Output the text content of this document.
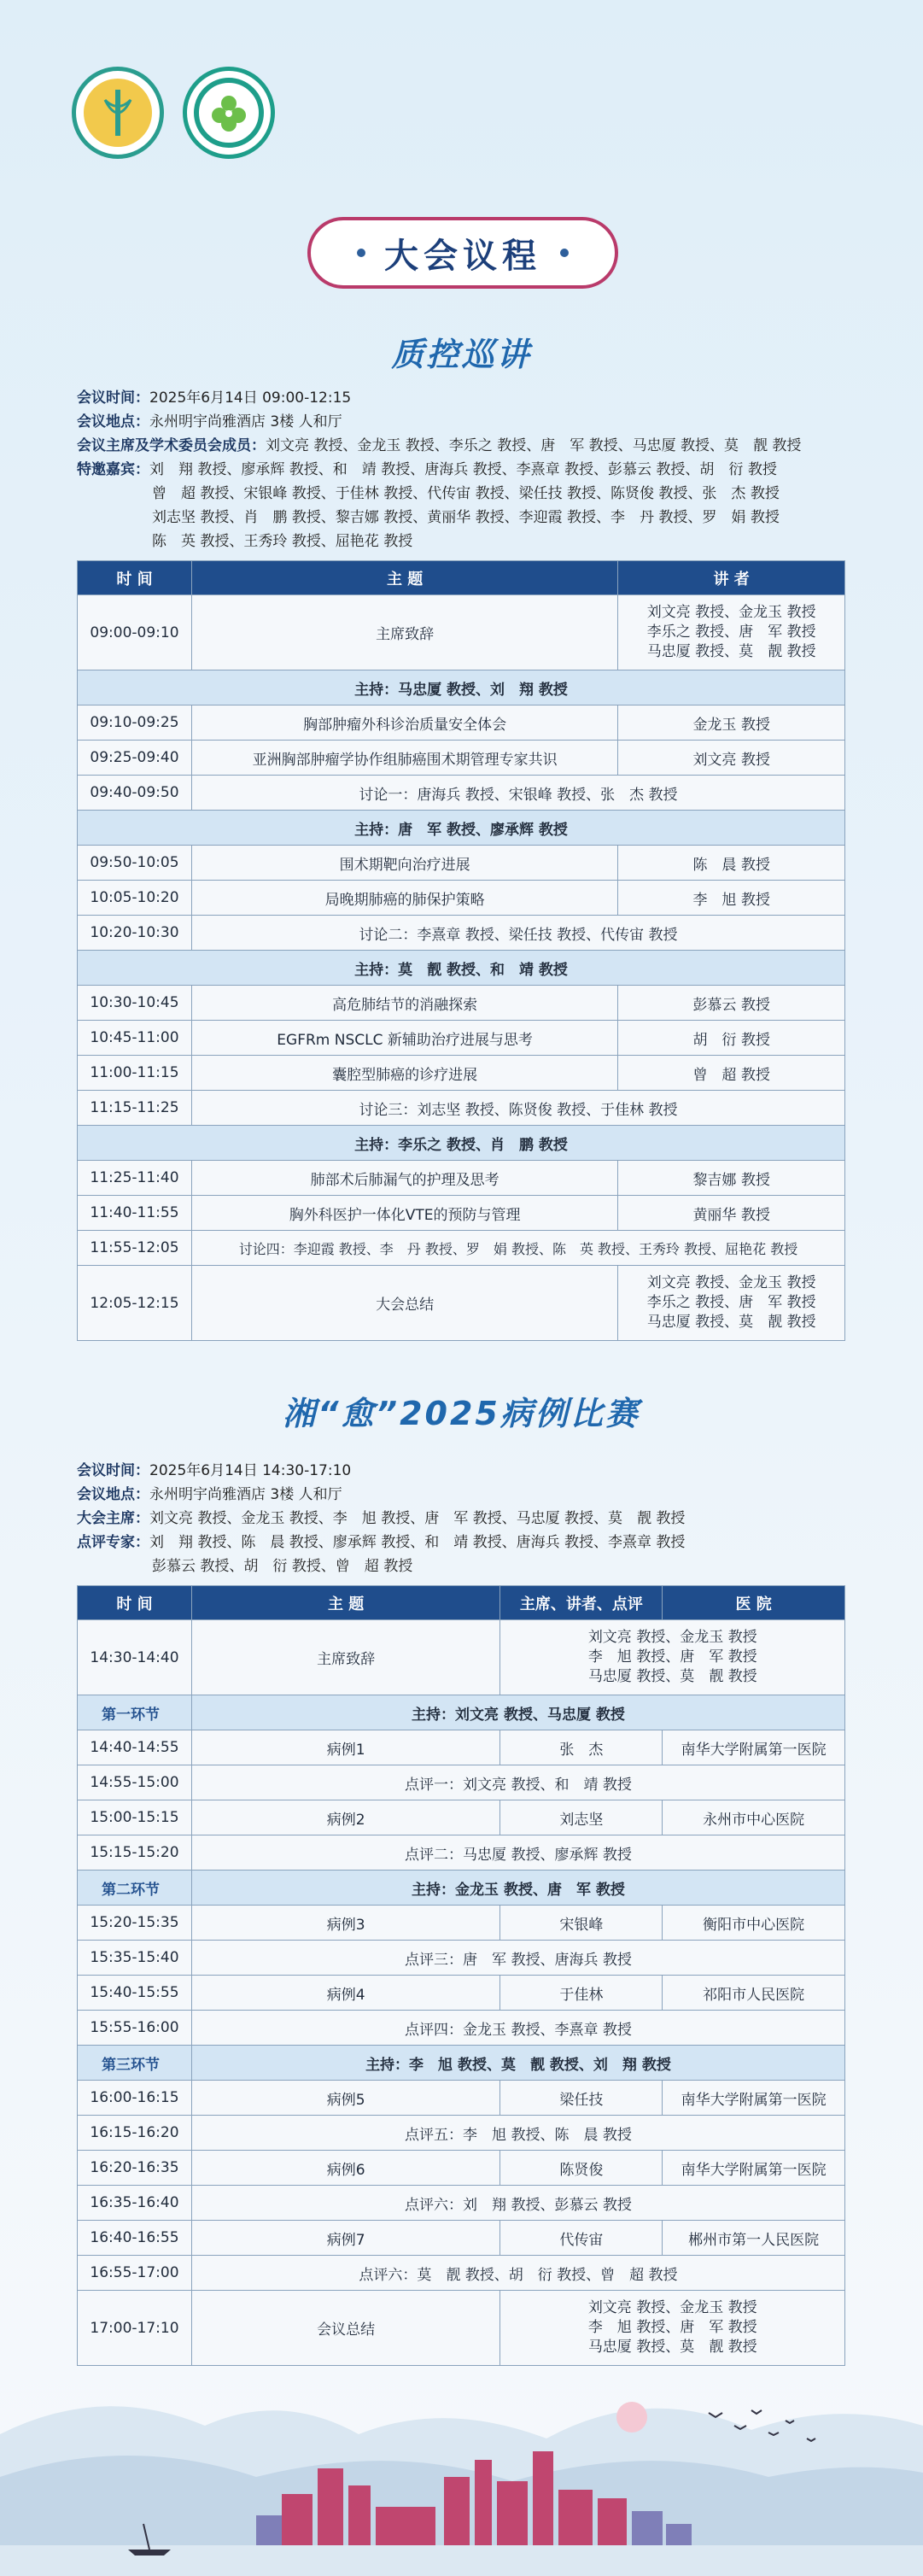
大会议程
质控巡讲
会议时间：2025年6月14日 09:00-12:15
会议地点：永州明宇尚雅酒店 3楼 人和厅
会议主席及学术委员会成员：刘文亮 教授、金龙玉 教授、李乐之 教授、唐　军 教授、马忠厦 教授、莫　靓 教授
特邀嘉宾：刘　翔 教授、廖承辉 教授、和　靖 教授、唐海兵 教授、李熹章 教授、彭慕云 教授、胡　衍 教授
曾　超 教授、宋银峰 教授、于佳林 教授、代传宙 教授、梁任技 教授、陈贤俊 教授、张　杰 教授
刘志坚 教授、肖　鹏 教授、黎吉娜 教授、黄丽华 教授、李迎霞 教授、李　丹 教授、罗　娟 教授
陈　英 教授、王秀玲 教授、屈艳花 教授
时 间	主 题	讲 者
09:00-09:10	主席致辞	刘文亮 教授、金龙玉 教授
李乐之 教授、唐　军 教授
马忠厦 教授、莫　靓 教授

主持：马忠厦 教授、刘　翔 教授		
09:10-09:25	胸部肿瘤外科诊治质量安全体会	金龙玉 教授
09:25-09:40	亚洲胸部肿瘤学协作组肺癌围术期管理专家共识	刘文亮 教授
09:40-09:50	讨论一：唐海兵 教授、宋银峰 教授、张　杰 教授	
主持：唐　军 教授、廖承辉 教授		
09:50-10:05	围术期靶向治疗进展	陈　晨 教授
10:05-10:20	局晚期肺癌的肺保护策略	李　旭 教授
10:20-10:30	讨论二：李熹章 教授、梁任技 教授、代传宙 教授	
主持：莫　靓 教授、和　靖 教授		
10:30-10:45	高危肺结节的消融探索	彭慕云 教授
10:45-11:00	EGFRm NSCLC 新辅助治疗进展与思考	胡　衍 教授
11:00-11:15	囊腔型肺癌的诊疗进展	曾　超 教授
11:15-11:25	讨论三：刘志坚 教授、陈贤俊 教授、于佳林 教授	
主持：李乐之 教授、肖　鹏 教授		
11:25-11:40	肺部术后肺漏气的护理及思考	黎吉娜 教授
11:40-11:55	胸外科医护一体化VTE的预防与管理	黄丽华 教授
11:55-12:05	讨论四：李迎霞 教授、李　丹 教授、罗　娟 教授、陈　英 教授、王秀玲 教授、屈艳花 教授	
12:05-12:15	大会总结	刘文亮 教授、金龙玉 教授
李乐之 教授、唐　军 教授
马忠厦 教授、莫　靓 教授
湘“愈”2025病例比赛
会议时间：2025年6月14日 14:30-17:10
会议地点：永州明宇尚雅酒店 3楼 人和厅
大会主席：刘文亮 教授、金龙玉 教授、李　旭 教授、唐　军 教授、马忠厦 教授、莫　靓 教授
点评专家：刘　翔 教授、陈　晨 教授、廖承辉 教授、和　靖 教授、唐海兵 教授、李熹章 教授
彭慕云 教授、胡　衍 教授、曾　超 教授
时 间	主 题	主席、讲者、点评	医 院
14:30-14:40	主席致辞	刘文亮 教授、金龙玉 教授
李　旭 教授、唐　军 教授
马忠厦 教授、莫　靓 教授	

第一环节	主持：刘文亮 教授、马忠厦 教授		
14:40-14:55	病例1	张　杰	南华大学附属第一医院
14:55-15:00	点评一：刘文亮 教授、和　靖 教授		
15:00-15:15	病例2	刘志坚	永州市中心医院
15:15-15:20	点评二：马忠厦 教授、廖承辉 教授		
第二环节	主持：金龙玉 教授、唐　军 教授		
15:20-15:35	病例3	宋银峰	衡阳市中心医院
15:35-15:40	点评三：唐　军 教授、唐海兵 教授		
15:40-15:55	病例4	于佳林	祁阳市人民医院
15:55-16:00	点评四：金龙玉 教授、李熹章 教授		
第三环节	主持：李　旭 教授、莫　靓 教授、刘　翔 教授		
16:00-16:15	病例5	梁任技	南华大学附属第一医院
16:15-16:20	点评五：李　旭 教授、陈　晨 教授		
16:20-16:35	病例6	陈贤俊	南华大学附属第一医院
16:35-16:40	点评六：刘　翔 教授、彭慕云 教授		
16:40-16:55	病例7	代传宙	郴州市第一人民医院
16:55-17:00	点评六：莫　靓 教授、胡　衍 教授、曾　超 教授		
17:00-17:10	会议总结	刘文亮 教授、金龙玉 教授
李　旭 教授、唐　军 教授
马忠厦 教授、莫　靓 教授	
